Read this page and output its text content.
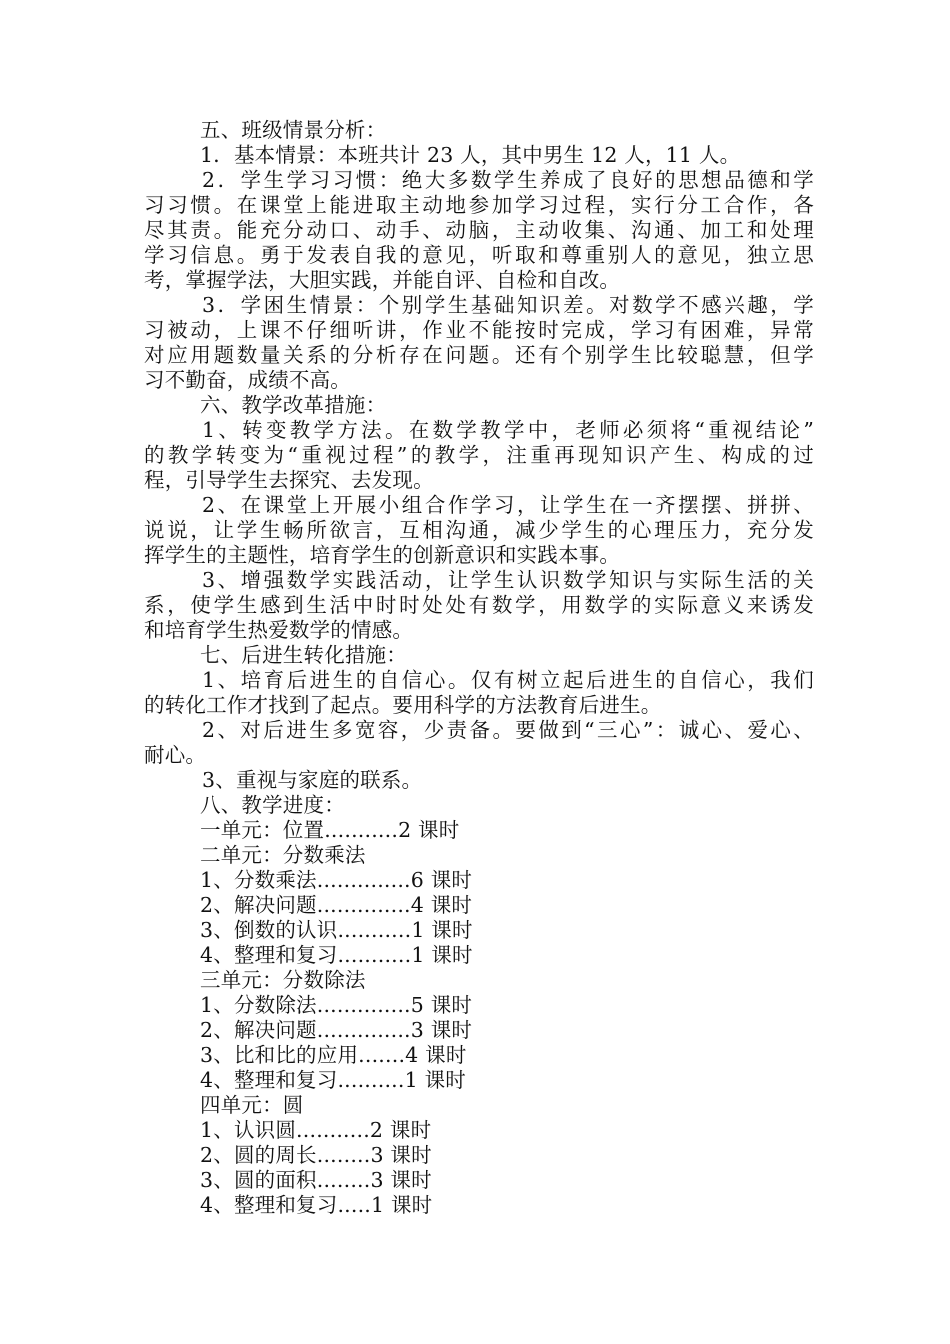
五、班级情景分析：
1．基本情景：本班共计 23 人，其中男生 12 人，11 人。
2．学生学习习惯：绝大多数学生养成了良好的思想品德和学
习习惯。在课堂上能进取主动地参加学习过程，实行分工合作，各
尽其责。能充分动口、动手、动脑，主动收集、沟通、加工和处理
学习信息。勇于发表自我的意见，听取和尊重别人的意见，独立思
考，掌握学法，大胆实践，并能自评、自检和自改。
3．学困生情景：个别学生基础知识差。对数学不感兴趣，学
习被动，上课不仔细听讲，作业不能按时完成，学习有困难，异常
对应用题数量关系的分析存在问题。还有个别学生比较聪慧，但学
习不勤奋，成绩不高。
六、教学改革措施：
1、转变教学方法。在数学教学中，老师必须将“重视结论”
的教学转变为“重视过程”的教学，注重再现知识产生、构成的过
程，引导学生去探究、去发现。
2、在课堂上开展小组合作学习，让学生在一齐摆摆、拼拼、
说说，让学生畅所欲言，互相沟通，减少学生的心理压力，充分发
挥学生的主题性，培育学生的创新意识和实践本事。
3、增强数学实践活动，让学生认识数学知识与实际生活的关
系，使学生感到生活中时时处处有数学，用数学的实际意义来诱发
和培育学生热爱数学的情感。
七、后进生转化措施：
1、培育后进生的自信心。仅有树立起后进生的自信心，我们
的转化工作才找到了起点。要用科学的方法教育后进生。
2、对后进生多宽容，少责备。要做到“三心”：诚心、爱心、
耐心。
3、重视与家庭的联系。
八、教学进度：
一单元：位置...........2 课时
二单元：分数乘法
1、分数乘法..............6 课时
2、解决问题..............4 课时
3、倒数的认识...........1 课时
4、整理和复习...........1 课时
三单元：分数除法
1、分数除法..............5 课时
2、解决问题..............3 课时
3、比和比的应用.......4 课时
4、整理和复习..........1 课时
四单元：圆
1、认识圆...........2 课时
2、圆的周长........3 课时
3、圆的面积........3 课时
4、整理和复习.....1 课时
